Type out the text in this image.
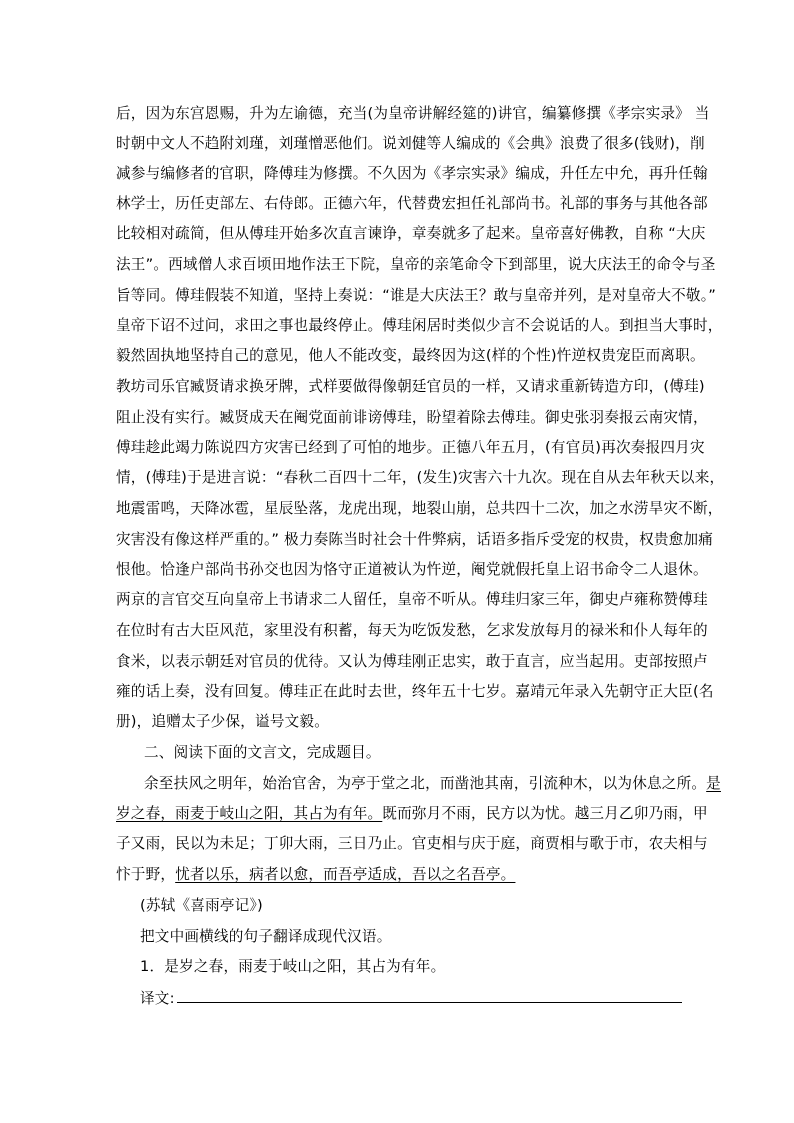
后，因为东宫恩赐，升为左谕德，充当(为皇帝讲解经筵的)讲官，编纂修撰《孝宗实录》 当
时朝中文人不趋附刘瑾，刘瑾憎恶他们。说刘健等人编成的《会典》浪费了很多(钱财)，削
减参与编修者的官职，降傅珪为修撰。不久因为《孝宗实录》编成，升任左中允，再升任翰
林学士，历任吏部左、右侍郎。正德六年，代替费宏担任礼部尚书。礼部的事务与其他各部
比较相对疏简，但从傅珪开始多次直言谏诤，章奏就多了起来。皇帝喜好佛教，自称 “大庆
法王”。西域僧人求百顷田地作法王下院，皇帝的亲笔命令下到部里，说大庆法王的命令与圣
旨等同。傅珪假装不知道，坚持上奏说：“谁是大庆法王？敢与皇帝并列，是对皇帝大不敬。”
皇帝下诏不过问，求田之事也最终停止。傅珪闲居时类似少言不会说话的人。到担当大事时，
毅然固执地坚持自己的意见，他人不能改变，最终因为这(样的个性)忤逆权贵宠臣而离职。
教坊司乐官臧贤请求换牙牌，式样要做得像朝廷官员的一样，又请求重新铸造方印，(傅珪)
阻止没有实行。臧贤成天在阉党面前诽谤傅珪，盼望着除去傅珪。御史张羽奏报云南灾情，
傅珪趁此竭力陈说四方灾害已经到了可怕的地步。正德八年五月，(有官员)再次奏报四月灾
情，(傅珪)于是进言说：“春秋二百四十二年，(发生)灾害六十九次。现在自从去年秋天以来，
地震雷鸣，天降冰雹，星辰坠落，龙虎出现，地裂山崩，总共四十二次，加之水涝旱灾不断，
灾害没有像这样严重的。” 极力奏陈当时社会十件弊病，话语多指斥受宠的权贵，权贵愈加痛
恨他。恰逢户部尚书孙交也因为恪守正道被认为忤逆，阉党就假托皇上诏书命令二人退休。
两京的言官交互向皇帝上书请求二人留任，皇帝不听从。傅珪归家三年，御史卢雍称赞傅珪
在位时有古大臣风范，家里没有积蓄，每天为吃饭发愁，乞求发放每月的禄米和仆人每年的
食米，以表示朝廷对官员的优待。又认为傅珪刚正忠实，敢于直言，应当起用。吏部按照卢
雍的话上奏，没有回复。傅珪正在此时去世，终年五十七岁。嘉靖元年录入先朝守正大臣(名
册)，追赠太子少保，谥号文毅。
二、阅读下面的文言文，完成题目。
余至扶风之明年，始治官舍，为亭于堂之北，而凿池其南，引流种木，以为休息之所。是
岁之春，雨麦于岐山之阳，其占为有年。既而弥月不雨，民方以为忧。越三月乙卯乃雨，甲
子又雨，民以为未足；丁卯大雨，三日乃止。官吏相与庆于庭，商贾相与歌于市，农夫相与
忭于野，忧者以乐，病者以愈，而吾亭适成，吾以之名吾亭。
(苏轼《喜雨亭记》)
把文中画横线的句子翻译成现代汉语。
1．是岁之春，雨麦于岐山之阳，其占为有年。
译文:
